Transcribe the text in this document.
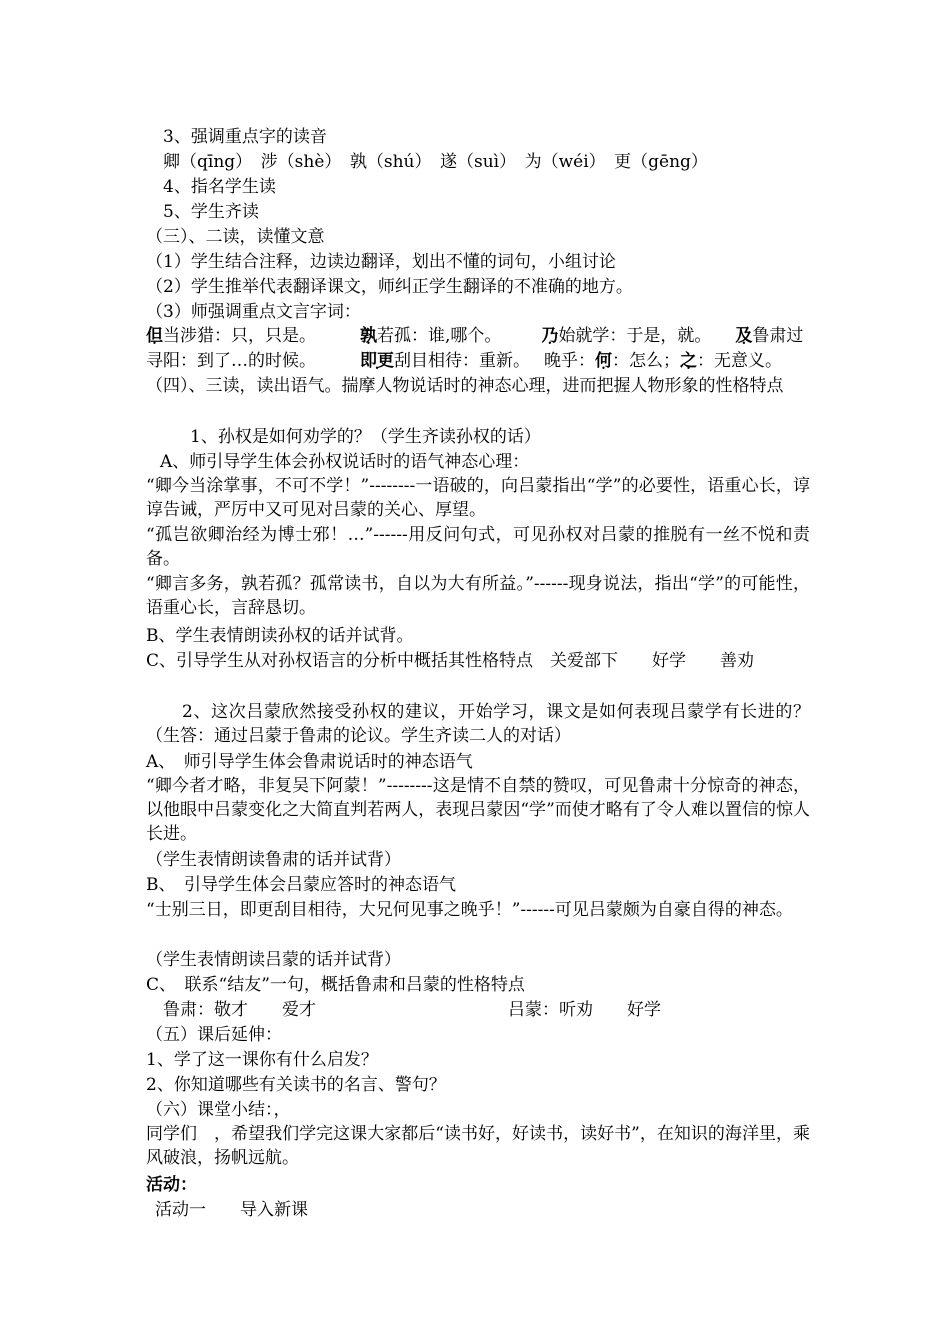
3、强调重点字的读音
卿（qīng）　涉（shè）　孰（shú）　遂（suì）　为（wéi）　更（gēng）
4、指名学生读
5、学生齐读
（三）、二读，读懂文意
（1）学生结合注释，边读边翻译，划出不懂的词句，小组讨论
（2）学生推举代表翻译课文，师纠正学生翻译的不准确的地方。
（3）师强调重点文言字词：
但当涉猎：只，只是。	孰若孤：谁,哪个。 乃始就学：于是，就。 及鲁肃过
寻阳：到了…的时候。	即更刮目相待：重新。 晚乎：何：怎么；之：无意义。
（四）、三读，读出语气。揣摩人物说话时的神态心理，进而把握人物形象的性格特点
1、孙权是如何劝学的？（学生齐读孙权的话）
A、师引导学生体会孙权说话时的语气神态心理：
“卿今当涂掌事，不可不学！”--------一语破的，向吕蒙指出“学”的必要性，语重心长，谆谆告诫，严厉中又可见对吕蒙的关心、厚望。
“孤岂欲卿治经为博士邪！…”------用反问句式，可见孙权对吕蒙的推脱有一丝不悦和责备。
“卿言多务，孰若孤？孤常读书，自以为大有所益。”------现身说法，指出“学”的可能性，语重心长，言辞恳切。
B、学生表情朗读孙权的话并试背。
C、引导学生从对孙权语言的分析中概括其性格特点　关爱部下　　好学　　善劝
2、这次吕蒙欣然接受孙权的建议，开始学习，课文是如何表现吕蒙学有长进的？　（生答：通过吕蒙于鲁肃的论议。学生齐读二人的对话）
A、　师引导学生体会鲁肃说话时的神态语气
“卿今者才略，非复吴下阿蒙！”--------这是情不自禁的赞叹，可见鲁肃十分惊奇的神态，以他眼中吕蒙变化之大简直判若两人，表现吕蒙因“学”而使才略有了令人难以置信的惊人长进。
（学生表情朗读鲁肃的话并试背）
B、　引导学生体会吕蒙应答时的神态语气
“士别三日，即更刮目相待，大兄何见事之晚乎！”------可见吕蒙颇为自豪自得的神态。
（学生表情朗读吕蒙的话并试背）
C、　联系“结友”一句，概括鲁肃和吕蒙的性格特点
鲁肃：敬才　　爱才	吕蒙：听劝　　好学
（五）课后延伸：
1、学了这一课你有什么启发？
2、你知道哪些有关读书的名言、警句？
（六）课堂小结：，
同学们　，希望我们学完这课大家都后“读书好，好读书，读好书”，在知识的海洋里，乘风破浪，扬帆远航。
活动：
活动一　　导入新课
